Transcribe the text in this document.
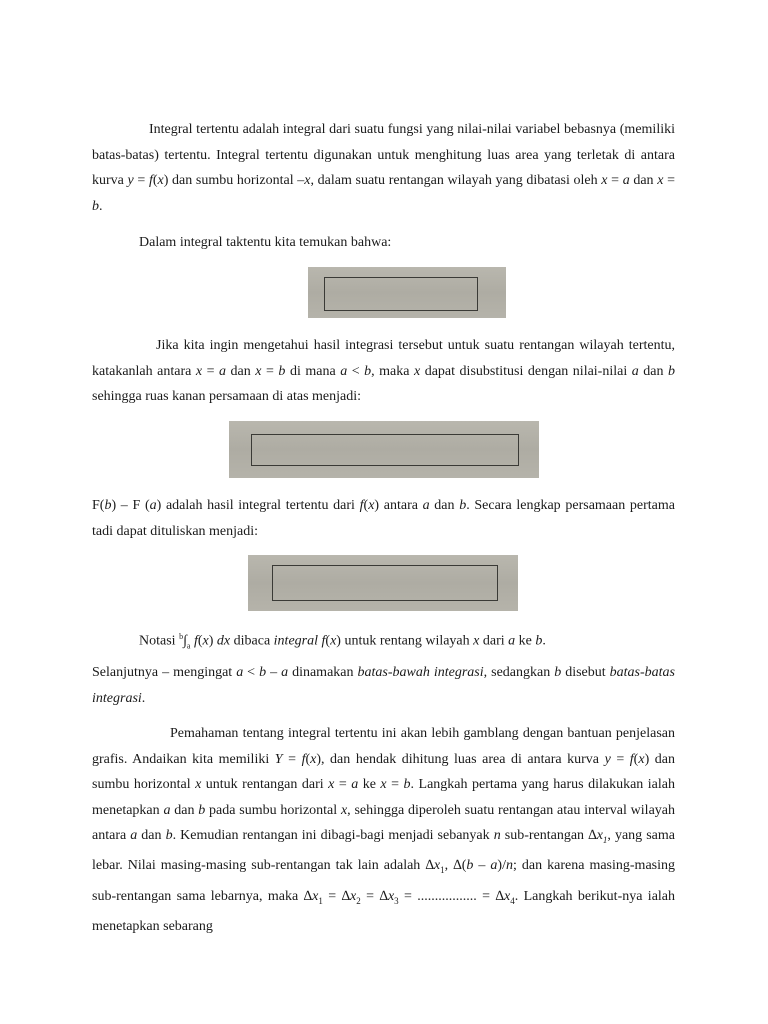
Integral tertentu adalah integral dari suatu fungsi yang nilai-nilai variabel bebasnya (memiliki batas-batas) tertentu. Integral tertentu digunakan untuk menghitung luas area yang terletak di antara kurva y = f(x) dan sumbu horizontal –x, dalam suatu rentangan wilayah yang dibatasi oleh x = a dan x = b.

Dalam integral taktentu kita temukan bahwa:

Jika kita ingin mengetahui hasil integrasi tersebut untuk suatu rentangan wilayah tertentu, katakanlah antara x = a dan x = b di mana a < b, maka x dapat disubstitusi dengan nilai-nilai a dan b sehingga ruas kanan persamaan di atas menjadi:

F(b) – F (a) adalah hasil integral tertentu dari f(x) antara a dan b. Secara lengkap persamaan pertama tadi dapat dituliskan menjadi:

Notasi $^b\int_a$ f(x) dx dibaca integral f(x) untuk rentang wilayah x dari a ke b.

Selanjutnya – mengingat a < b – a dinamakan batas-bawah integrasi, sedangkan b disebut batas-batas integrasi.

Pemahaman tentang integral tertentu ini akan lebih gamblang dengan bantuan penjelasan grafis. Andaikan kita memiliki Y = f(x), dan hendak dihitung luas area di antara kurva y = f(x) dan sumbu horizontal x untuk rentangan dari x = a ke x = b. Langkah pertama yang harus dilakukan ialah menetapkan a dan b pada sumbu horizontal x, sehingga diperoleh suatu rentangan atau interval wilayah antara a dan b. Kemudian rentangan ini dibagi-bagi menjadi sebanyak n sub-rentangan $\Delta x_1$, yang sama lebar. Nilai masing-masing sub-rentangan tak lain adalah $\Delta x_1$, ∆(b – a)/n; dan karena masing-masing sub-rentangan sama lebarnya, maka $\Delta x_1 = \Delta x_2 = \Delta x_3$ = ................. = $\Delta x_4$. Langkah berikut-nya ialah menetapkan sebarang
